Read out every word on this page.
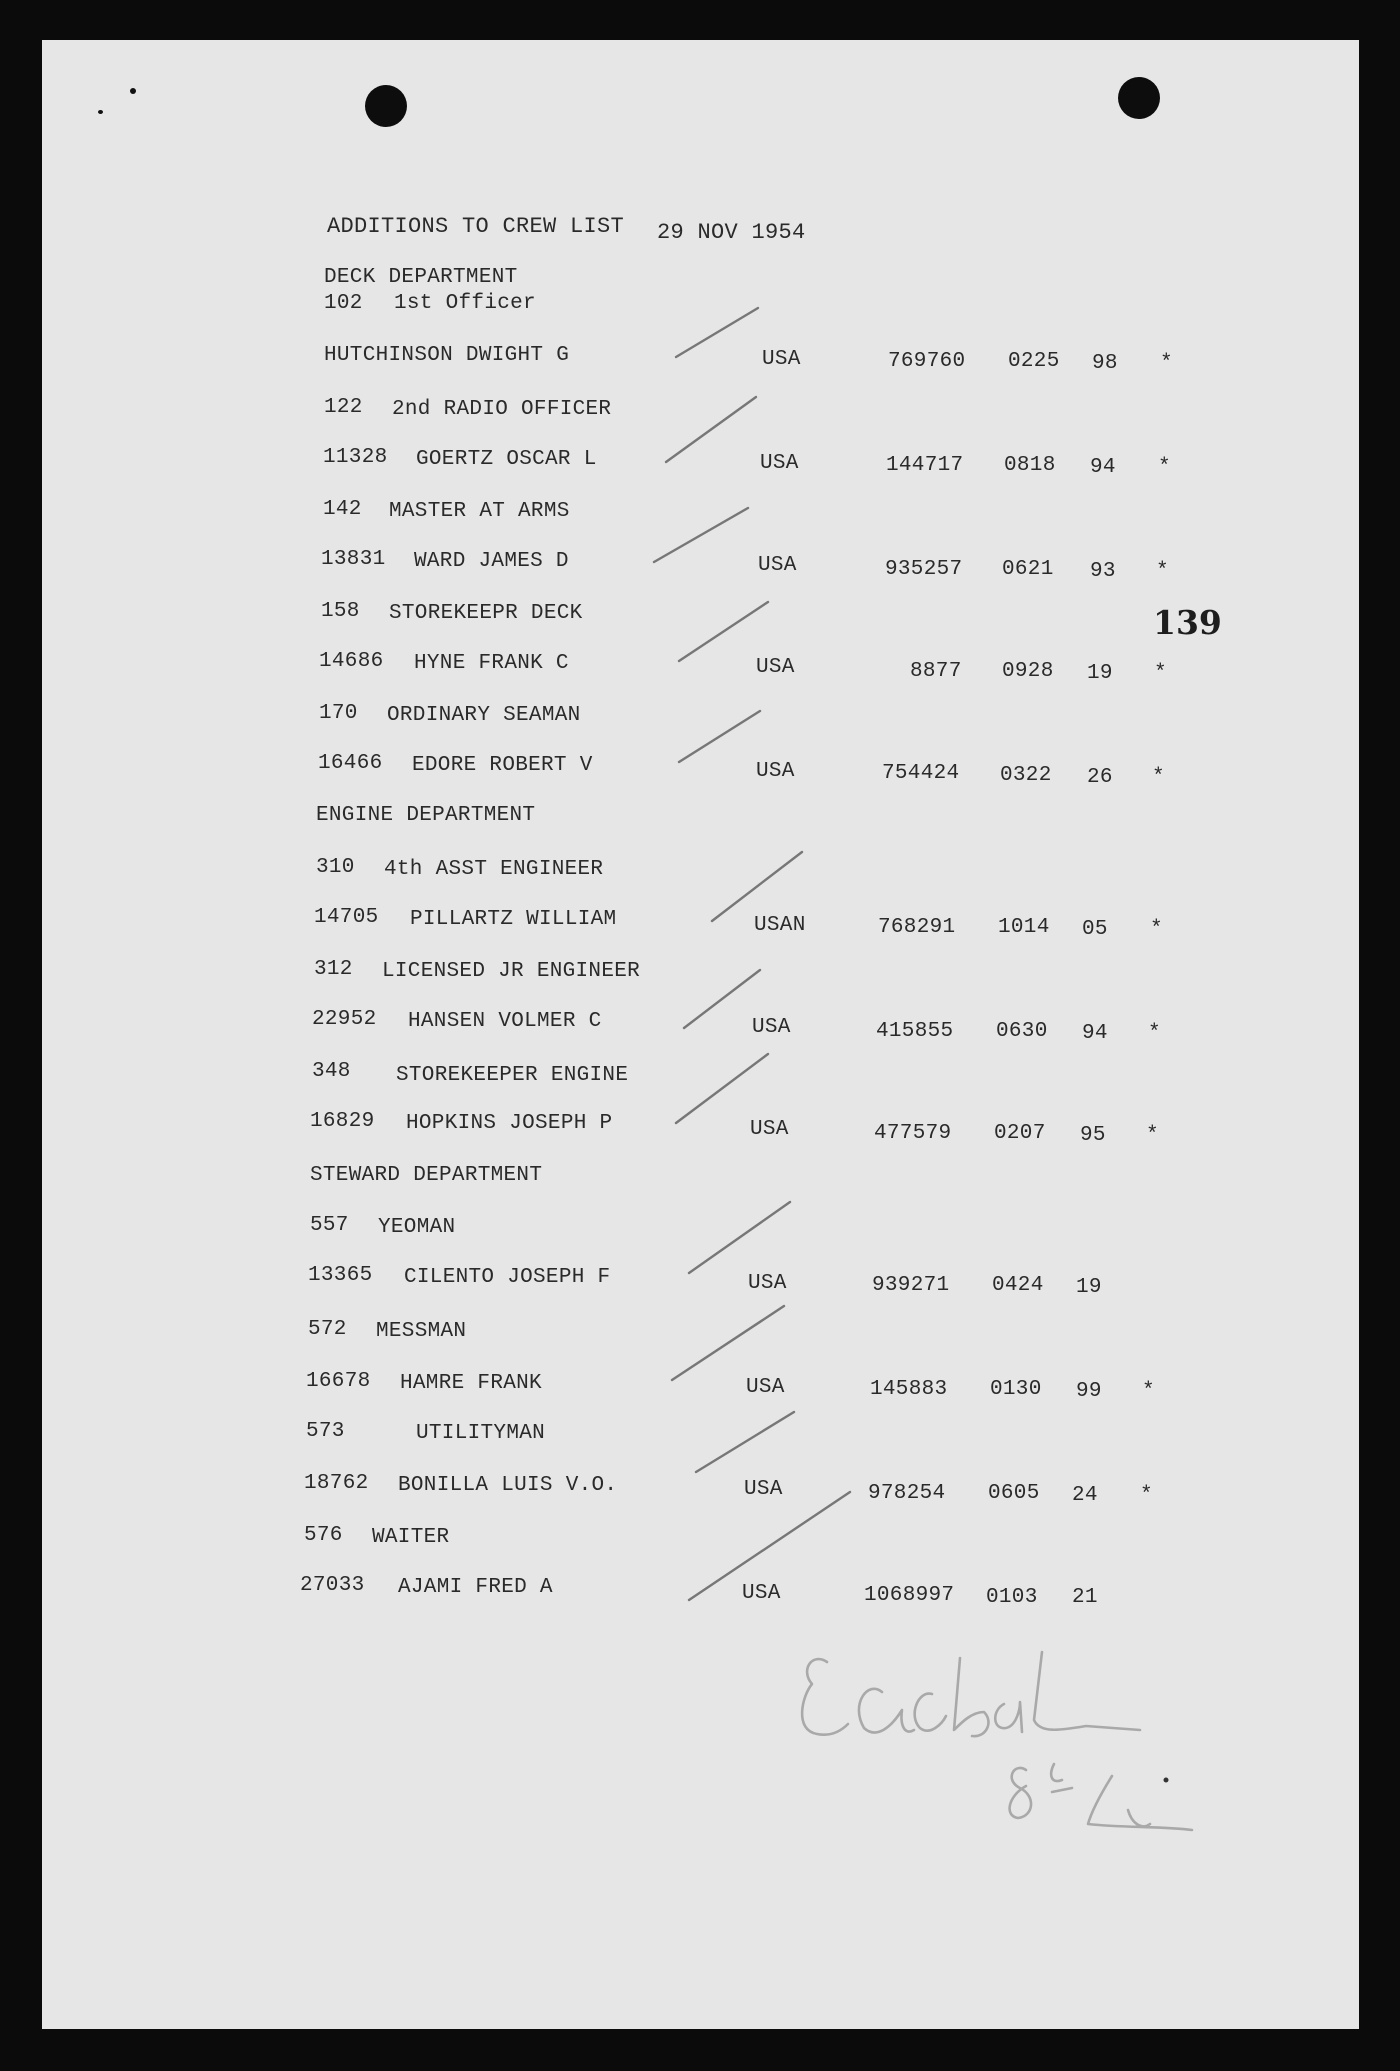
139
ADDITIONS TO CREW LIST 29 NOV 1954
DECK DEPARTMENT
102 1st Officer
HUTCHINSON DWIGHT G	USA	769760 0225 98 *
122 2nd RADIO OFFICER
11328 GOERTZ OSCAR L	USA	144717 0818 94 *
142 MASTER AT ARMS
13831 WARD JAMES D	USA	935257 0621 93 *
158 STOREKEEPR DECK
14686 HYNE FRANK C	USA	8877 0928 19 *
170 ORDINARY SEAMAN
16466 EDORE ROBERT V	USA	754424 0322 26 *
ENGINE DEPARTMENT
310 4th ASST ENGINEER
14705 PILLARTZ WILLIAM	USAN	768291 1014 05 *
312 LICENSED JR ENGINEER
22952 HANSEN VOLMER C	USA	415855 0630 94 *
348 STOREKEEPER ENGINE
16829 HOPKINS JOSEPH P	USA	477579 0207 95 *
STEWARD DEPARTMENT
557 YEOMAN
13365 CILENTO JOSEPH F	USA	939271 0424 19
572 MESSMAN
16678 HAMRE FRANK	USA	145883 0130 99 *
573	UTILITYMAN
18762 BONILLA LUIS V.O.	USA	978254 0605 24 *
576 WAITER
27033 AJAMI FRED A	USA	1068997 0103 21
